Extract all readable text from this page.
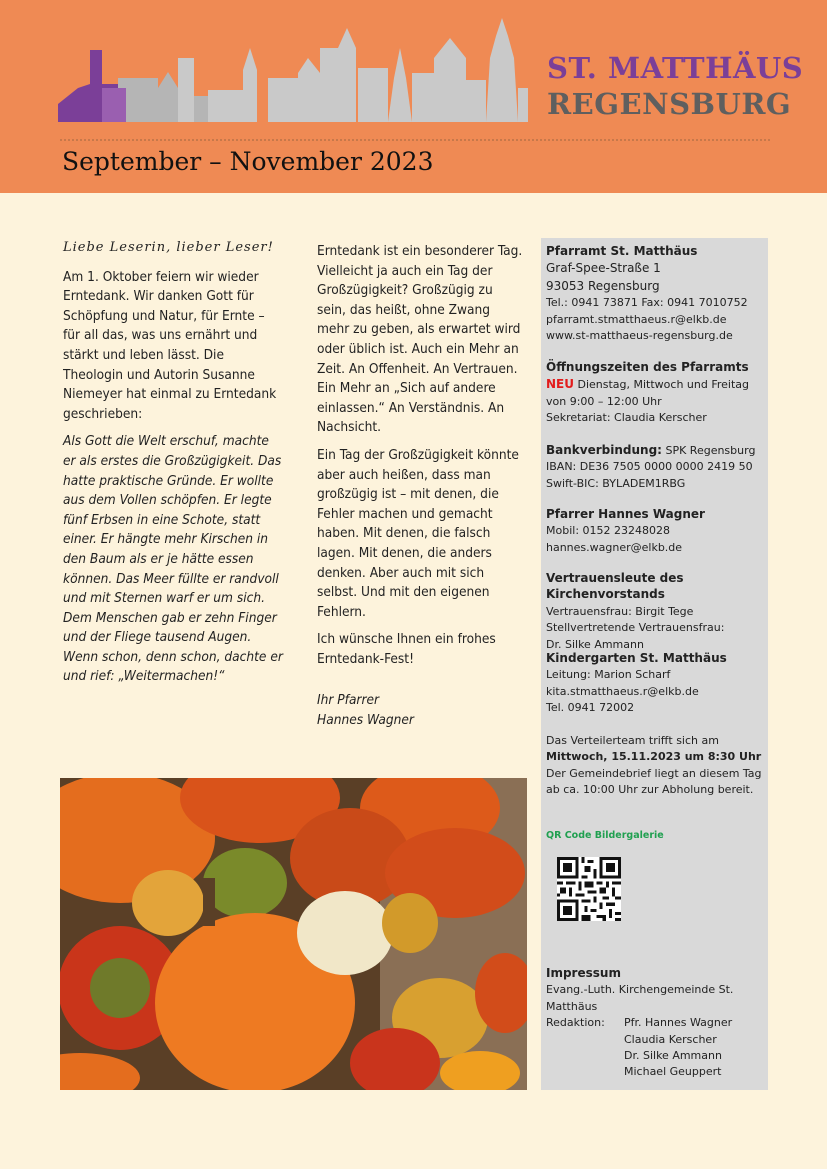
ST. MATTHÄUS
REGENSBURG
September – November 2023

Liebe Leserin, lieber Leser!

Am 1. Oktober feiern wir wieder Erntedank. Wir danken Gott für Schöpfung und Natur, für Ernte – für all das, was uns ernährt und stärkt und leben lässt. Die Theologin und Autorin Susanne Niemeyer hat einmal zu Erntedank geschrieben:

Als Gott die Welt erschuf, machte er als erstes die Großzügigkeit. Das hatte praktische Gründe. Er wollte aus dem Vollen schöpfen. Er legte fünf Erbsen in eine Schote, statt einer. Er hängte mehr Kirschen in den Baum als er je hätte essen können. Das Meer füllte er randvoll und mit Sternen warf er um sich. Dem Menschen gab er zehn Finger und der Fliege tausend Augen. Wenn schon, denn schon, dachte er und rief: „Weitermachen!“

Erntedank ist ein besonderer Tag. Vielleicht ja auch ein Tag der Großzügigkeit? Großzügig zu sein, das heißt, ohne Zwang mehr zu geben, als erwartet wird oder üblich ist. Auch ein Mehr an Zeit. An Offenheit. An Vertrauen. Ein Mehr an „Sich auf andere einlassen.“ An Verständnis. An Nachsicht.

Ein Tag der Großzügigkeit könnte aber auch heißen, dass man großzügig ist – mit denen, die Fehler machen und gemacht haben. Mit denen, die falsch lagen. Mit denen, die anders denken. Aber auch mit sich selbst. Und mit den eigenen Fehlern.

Ich wünsche Ihnen ein frohes Erntedank-Fest!

Ihr Pfarrer
Hannes Wagner

Pfarramt St. Matthäus
Graf-Spee-Straße 1
93053 Regensburg
Tel.: 0941 73871 Fax: 0941 7010752
pfarramt.stmatthaeus.r@elkb.de
www.st-matthaeus-regensburg.de
Öffnungszeiten des Pfarramts
NEU Dienstag, Mittwoch und Freitag
von 9:00 – 12:00 Uhr
Sekretariat: Claudia Kerscher
Bankverbindung: SPK Regensburg
IBAN: DE36 7505 0000 0000 2419 50
Swift-BIC: BYLADEM1RBG
Pfarrer Hannes Wagner
Mobil: 0152 23248028
hannes.wagner@elkb.de
Vertrauensleute des Kirchenvorstands
Vertrauensfrau: Birgit Tege
Stellvertretende Vertrauensfrau:
Dr. Silke Ammann
Kindergarten St. Matthäus
Leitung: Marion Scharf
kita.stmatthaeus.r@elkb.de
Tel. 0941 72002
Das Verteilerteam trifft sich am
Mittwoch, 15.11.2023 um 8:30 Uhr
Der Gemeindebrief liegt an diesem Tag
ab ca. 10:00 Uhr zur Abholung bereit.
QR Code Bildergalerie
Impressum
Evang.-Luth. Kirchengemeinde St. Matthäus
Redaktion:	Pfr. Hannes Wagner
Claudia Kerscher
Dr. Silke Ammann
Michael Geuppert
